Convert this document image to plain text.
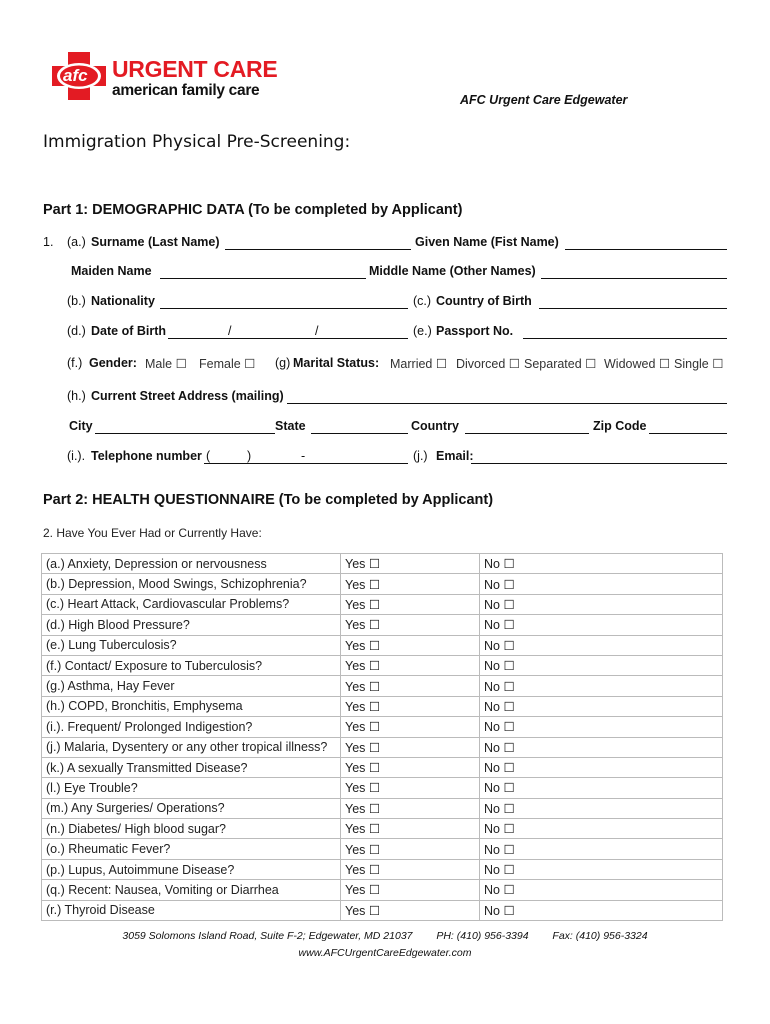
afc URGENT CARE
american family care
AFC Urgent Care Edgewater
Immigration Physical Pre-Screening:
Part 1: DEMOGRAPHIC DATA (To be completed by Applicant)
1. (a.) Surname (Last Name)	Given Name (Fist Name)
Maiden Name	Middle Name (Other Names)
(b.) Nationality	(c.) Country of Birth
(d.) Date of Birth	/	/	(e.) Passport No.
(f.) Gender: Male ☐ Female ☐ (g) Marital Status: Married ☐ Divorced ☐ Separated ☐ Widowed ☐ Single ☐
(h.) Current Street Address (mailing)
City	State	Country	Zip Code
(i.). Telephone number (	)	-	(j.) Email:
Part 2: HEALTH QUESTIONNAIRE (To be completed by Applicant)
2. Have You Ever Had or Currently Have:
(a.) Anxiety, Depression or nervousness	Yes ☐	No ☐
(b.) Depression, Mood Swings, Schizophrenia?	Yes ☐	No ☐
(c.) Heart Attack, Cardiovascular Problems?	Yes ☐	No ☐
(d.) High Blood Pressure?	Yes ☐	No ☐
(e.) Lung Tuberculosis?	Yes ☐	No ☐
(f.) Contact/ Exposure to Tuberculosis?	Yes ☐	No ☐
(g.) Asthma, Hay Fever	Yes ☐	No ☐
(h.) COPD, Bronchitis, Emphysema	Yes ☐	No ☐
(i.). Frequent/ Prolonged Indigestion?	Yes ☐	No ☐
(j.) Malaria, Dysentery or any other tropical illness?	Yes ☐	No ☐
(k.) A sexually Transmitted Disease?	Yes ☐	No ☐
(l.) Eye Trouble?	Yes ☐	No ☐
(m.) Any Surgeries/ Operations?	Yes ☐	No ☐
(n.) Diabetes/ High blood sugar?	Yes ☐	No ☐
(o.) Rheumatic Fever?	Yes ☐	No ☐
(p.) Lupus, Autoimmune Disease?	Yes ☐	No ☐
(q.) Recent: Nausea, Vomiting or Diarrhea	Yes ☐	No ☐
(r.) Thyroid Disease	Yes ☐	No ☐
3059 Solomons Island Road, Suite F-2; Edgewater, MD 21037 PH: (410) 956-3394 Fax: (410) 956-3324
www.AFCUrgentCareEdgewater.com
